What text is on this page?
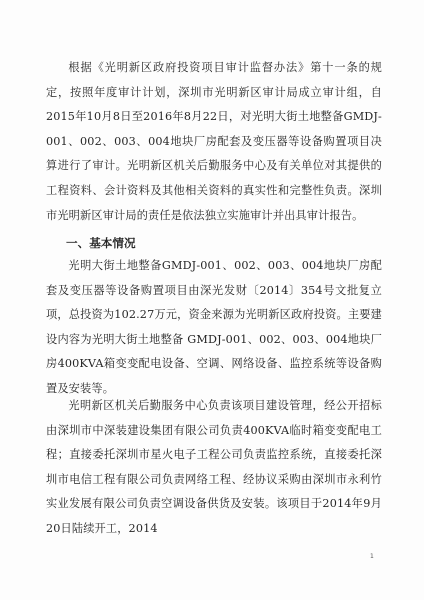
根据《光明新区政府投资项目审计监督办法》第十一条的规定，按照年度审计计划，深圳市光明新区审计局成立审计组，自2015年10月8日至2016年8月22日，对光明大街土地整备GMDJ-001、002、003、004地块厂房配套及变压器等设备购置项目决算进行了审计。光明新区机关后勤服务中心及有关单位对其提供的工程资料、会计资料及其他相关资料的真实性和完整性负责。深圳市光明新区审计局的责任是依法独立实施审计并出具审计报告。

一、基本情况

光明大街土地整备GMDJ-001、002、003、004地块厂房配套及变压器等设备购置项目由深光发财〔2014〕354号文批复立项，总投资为102.27万元，资金来源为光明新区政府投资。主要建设内容为光明大街土地整备 GMDJ-001、002、003、004地块厂房400KVA箱变变配电设备、空调、网络设备、监控系统等设备购置及安装等。

光明新区机关后勤服务中心负责该项目建设管理，经公开招标由深圳市中深装建设集团有限公司负责400KVA临时箱变变配电工程；直接委托深圳市星火电子工程公司负责监控系统，直接委托深圳市电信工程有限公司负责网络工程、经协议采购由深圳市永利竹实业发展有限公司负责空调设备供货及安装。该项目于2014年9月20日陆续开工，2014

1
